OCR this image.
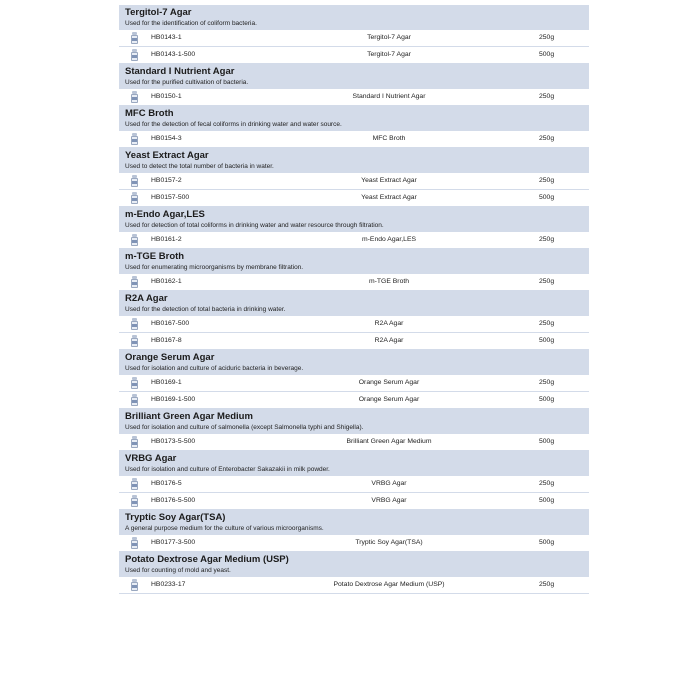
Tergitol-7 Agar
Used for the identification of coliform bacteria.
HB0143-1	Tergitol-7 Agar	250g
HB0143-1-500	Tergitol-7 Agar	500g
Standard I Nutrient Agar
Used for the purified cultivation of bacteria.
HB0150-1	Standard I Nutrient Agar	250g
MFC Broth
Used for the detection of fecal coliforms in drinking water and water source.
HB0154-3	MFC Broth	250g
Yeast Extract Agar
Used to detect the total number of bacteria in water.
HB0157-2	Yeast Extract Agar	250g
HB0157-500	Yeast Extract Agar	500g
m-Endo Agar,LES
Used for detection of total coliforms in drinking water and water resource through filtration.
HB0161-2	m-Endo Agar,LES	250g
m-TGE Broth
Used for enumerating microorganisms by membrane filtration.
HB0162-1	m-TGE Broth	250g
R2A Agar
Used for the detection of total bacteria in drinking water.
HB0167-500	R2A Agar	250g
HB0167-8	R2A Agar	500g
Orange Serum Agar
Used for isolation and culture of aciduric bacteria in beverage.
HB0169-1	Orange Serum Agar	250g
HB0169-1-500	Orange Serum Agar	500g
Brilliant Green Agar Medium
Used for isolation and culture of salmonella (except Salmonella typhi and Shigella).
HB0173-5-500	Brilliant Green Agar Medium	500g
VRBG Agar
Used for isolation and culture of Enterobacter Sakazakii in milk powder.
HB0176-5	VRBG Agar	250g
HB0176-5-500	VRBG Agar	500g
Tryptic Soy Agar(TSA)
A general purpose medium for the culture of various microorganisms.
HB0177-3-500	Tryptic Soy Agar(TSA)	500g
Potato Dextrose Agar Medium (USP)
Used for counting of mold and yeast.
HB0233-17	Potato Dextrose Agar Medium (USP)	250g
